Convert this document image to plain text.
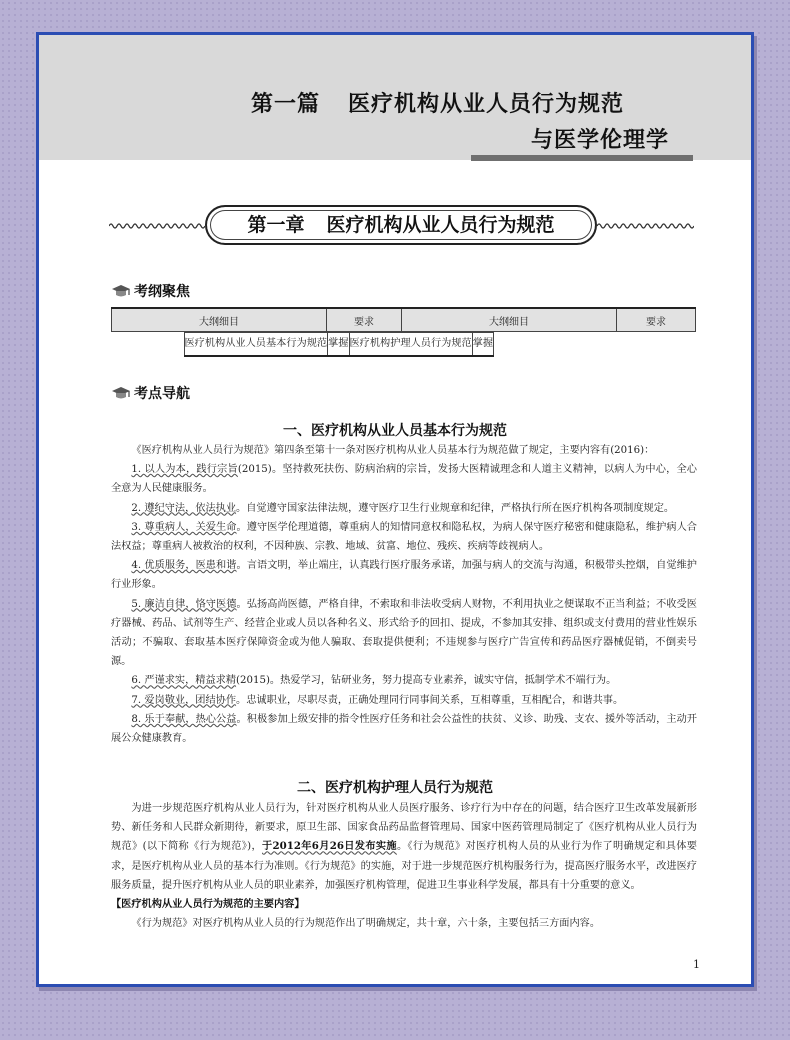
第一篇 医疗机构从业人员行为规范
与医学伦理学
第一章 医疗机构从业人员行为规范
考纲聚焦
大纲细目	要求	大纲细目	要求

医疗机构从业人员基本行为规范	掌握	医疗机构护理人员行为规范	掌握
考点导航
一、医疗机构从业人员基本行为规范

《医疗机构从业人员行为规范》第四条至第十一条对医疗机构从业人员基本行为规范做了规定，主要内容有(2016)：

1. 以人为本，践行宗旨(2015)。坚持救死扶伤、防病治病的宗旨，发扬大医精诚理念和人道主义精神，以病人为中心，全心全意为人民健康服务。

2. 遵纪守法，依法执业。自觉遵守国家法律法规，遵守医疗卫生行业规章和纪律，严格执行所在医疗机构各项制度规定。

3. 尊重病人，关爱生命。遵守医学伦理道德，尊重病人的知情同意权和隐私权，为病人保守医疗秘密和健康隐私，维护病人合法权益；尊重病人被救治的权利，不因种族、宗教、地域、贫富、地位、残疾、疾病等歧视病人。

4. 优质服务，医患和谐。言语文明，举止端庄，认真践行医疗服务承诺，加强与病人的交流与沟通，积极带头控烟，自觉维护行业形象。

5. 廉洁自律，恪守医德。弘扬高尚医德，严格自律，不索取和非法收受病人财物，不利用执业之便谋取不正当利益；不收受医疗器械、药品、试剂等生产、经营企业或人员以各种名义、形式给予的回扣、提成，不参加其安排、组织或支付费用的营业性娱乐活动；不骗取、套取基本医疗保障资金或为他人骗取、套取提供便利；不违规参与医疗广告宣传和药品医疗器械促销，不倒卖号源。

6. 严谨求实，精益求精(2015)。热爱学习，钻研业务，努力提高专业素养，诚实守信，抵制学术不端行为。

7. 爱岗敬业，团结协作。忠诚职业，尽职尽责，正确处理同行同事间关系，互相尊重，互相配合，和谐共事。

8. 乐于奉献，热心公益。积极参加上级安排的指令性医疗任务和社会公益性的扶贫、义诊、助残、支农、援外等活动，主动开展公众健康教育。

二、医疗机构护理人员行为规范

为进一步规范医疗机构从业人员行为，针对医疗机构从业人员医疗服务、诊疗行为中存在的问题，结合医疗卫生改革发展新形势、新任务和人民群众新期待，新要求，原卫生部、国家食品药品监督管理局、国家中医药管理局制定了《医疗机构从业人员行为规范》(以下简称《行为规范》)，于2012年6月26日发布实施。《行为规范》对医疗机构人员的从业行为作了明确规定和具体要求，是医疗机构从业人员的基本行为准则。《行为规范》的实施，对于进一步规范医疗机构服务行为，提高医疗服务水平，改进医疗服务质量，提升医疗机构从业人员的职业素养，加强医疗机构管理，促进卫生事业科学发展，都具有十分重要的意义。

【医疗机构从业人员行为规范的主要内容】

《行为规范》对医疗机构从业人员的行为规范作出了明确规定，共十章，六十条，主要包括三方面内容。

1
